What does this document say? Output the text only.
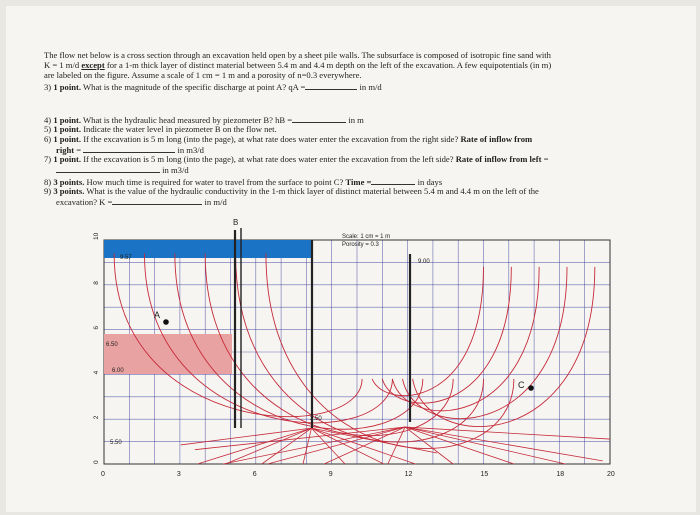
The flow net below is a cross section through an excavation held open by a sheet pile walls. The subsurface is composed of isotropic fine sand with
K = 1 m/d except for a 1-m thick layer of distinct material between 5.4 m and 4.4 m depth on the left of the excavation. A few equipotentials (in m)
are labeled on the figure. Assume a scale of 1 cm = 1 m and a porosity of n=0.3 everywhere.
3) 1 point. What is the magnitude of the specific discharge at point A? qA =	in m/d
4) 1 point. What is the hydraulic head measured by piezometer B? hB =	in m
5) 1 point. Indicate the water level in piezometer B on the flow net.
6) 1 point. If the excavation is 5 m long (into the page), at what rate does water enter the excavation from the right side? Rate of inflow from
right =	in m3/d
7) 1 point. If the excavation is 5 m long (into the page), at what rate does water enter the excavation from the left side? Rate of inflow from left =
in m3/d
8) 3 points. How much time is required for water to travel from the surface to point C? Time =	in days
9) 3 points. What is the value of the hydraulic conductivity in the 1-m thick layer of distinct material between 5.4 m and 4.4 m on the left of the
excavation? K =	in m/d
B
Scale: 1 cm = 1 m
Porosity = 0.3
9.57
9.00
6.50
6.00
5.50
2.50
A
C
0	3	6	9	12	15	18	20
10
8
6
4
2
0
